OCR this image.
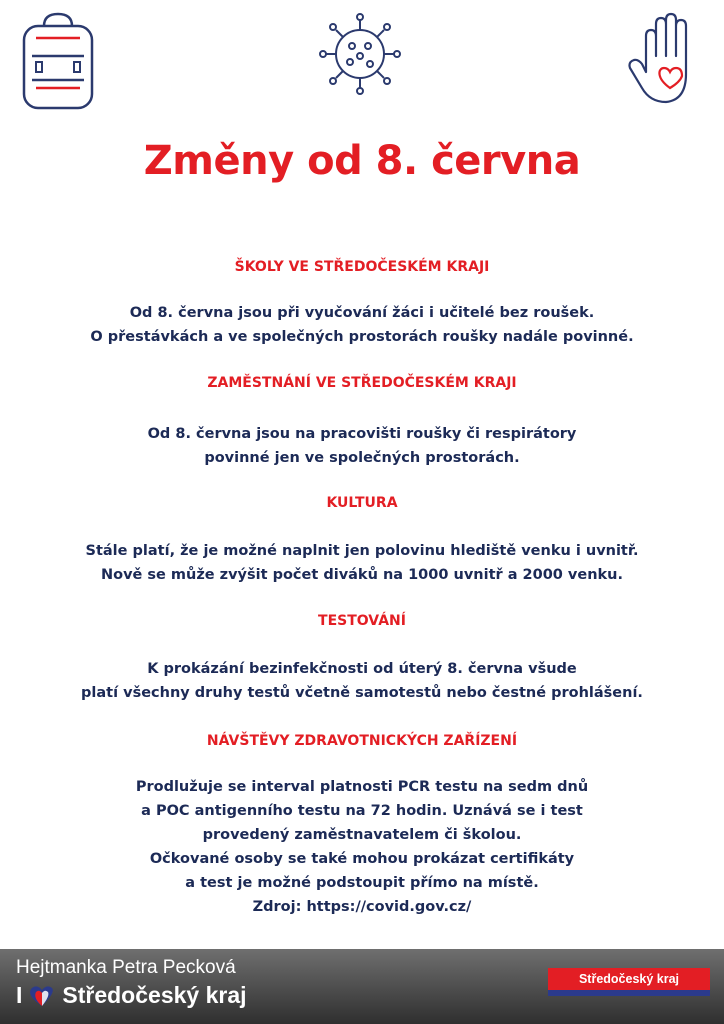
Změny od 8. června
ŠKOLY VE STŘEDOČESKÉM KRAJI
Od 8. června jsou při vyučování žáci i učitelé bez roušek.
O přestávkách a ve společných prostorách roušky nadále povinné.
ZAMĚSTNÁNÍ VE STŘEDOČESKÉM KRAJI
Od 8. června jsou na pracovišti roušky či respirátory
povinné jen ve společných prostorách.
KULTURA
Stále platí, že je možné naplnit jen polovinu hlediště venku i uvnitř.
Nově se může zvýšit počet diváků na 1000 uvnitř a 2000 venku.
TESTOVÁNÍ
K prokázání bezinfekčnosti od úterý 8. června všude
platí všechny druhy testů včetně samotestů nebo čestné prohlášení.
NÁVŠTĚVY ZDRAVOTNICKÝCH ZAŘÍZENÍ
Prodlužuje se interval platnosti PCR testu na sedm dnů
a POC antigenního testu na 72 hodin. Uznává se i test
provedený zaměstnavatelem či školou.
Očkované osoby se také mohou prokázat certifikáty
a test je možné podstoupit přímo na místě.
Zdroj: https://covid.gov.cz/
Hejtmanka Petra Pecková
I Středočeský kraj
Středočeský kraj
